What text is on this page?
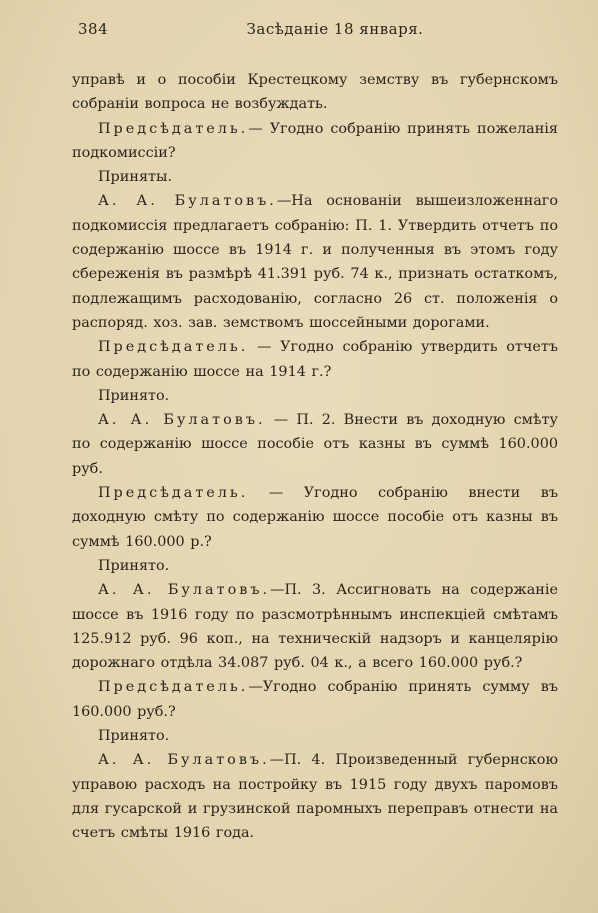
384	Засѣданіе 18 января.

управѣ и о пособіи Крестецкому земству въ губернскомъ собраніи вопроса не возбуждать.

Предсѣдатель.— Угодно собранію принять пожеланія подкомиссіи?

Приняты.

А. А. Булатовъ.—На основаніи вышеизложеннаго подкомиссія предлагаетъ собранію: П. 1. Утвердить отчетъ по содержанію шоссе въ 1914 г. и полученныя въ этомъ году сбереженія въ размѣрѣ 41.391 руб. 74 к., признать остаткомъ, подлежащимъ расходованію, согласно 26 ст. положенія о распоряд. хоз. зав. земствомъ шоссейными дорогами.

Предсѣдатель. — Угодно собранію утвердить отчетъ по содержанію шоссе на 1914 г.?

Принято.

А. А. Булатовъ. — П. 2. Внести въ доходную смѣту по содержанію шоссе пособіе отъ казны въ суммѣ 160.000 руб.

Предсѣдатель. — Угодно собранію внести въ доходную смѣту по содержанію шоссе пособіе отъ казны въ суммѣ 160.000 р.?

Принято.

А. А. Булатовъ.—П. 3. Ассигновать на содержаніе шоссе въ 1916 году по разсмотрѣннымъ инспекціей смѣтамъ 125.912 руб. 96 коп., на техническій надзоръ и канцелярію дорожнаго отдѣла 34.087 руб. 04 к., а всего 160.000 руб.?

Предсѣдатель.—Угодно собранію принять сумму въ 160.000 руб.?

Принято.

А. А. Булатовъ.—П. 4. Произведенный губернскою управою расходъ на постройку въ 1915 году двухъ паромовъ для гусарской и грузинской паромныхъ переправъ отнести на счетъ смѣты 1916 года.
